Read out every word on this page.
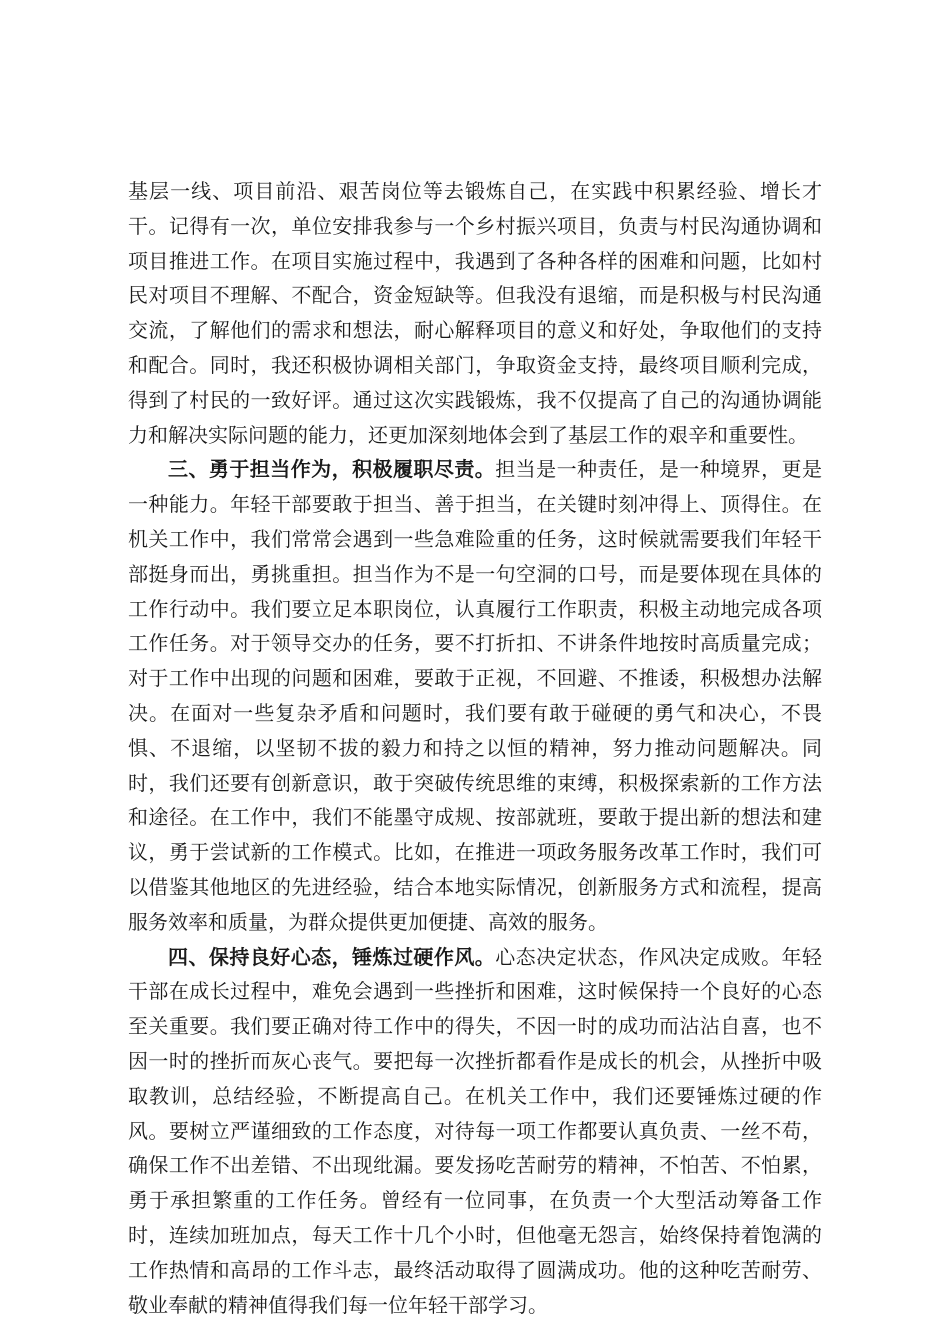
基层一线、项目前沿、艰苦岗位等去锻炼自己，在实践中积累经验、增长才干。记得有一次，单位安排我参与一个乡村振兴项目，负责与村民沟通协调和项目推进工作。在项目实施过程中，我遇到了各种各样的困难和问题，比如村民对项目不理解、不配合，资金短缺等。但我没有退缩，而是积极与村民沟通交流，了解他们的需求和想法，耐心解释项目的意义和好处，争取他们的支持和配合。同时，我还积极协调相关部门，争取资金支持，最终项目顺利完成，得到了村民的一致好评。通过这次实践锻炼，我不仅提高了自己的沟通协调能力和解决实际问题的能力，还更加深刻地体会到了基层工作的艰辛和重要性。

三、勇于担当作为，积极履职尽责。担当是一种责任，是一种境界，更是一种能力。年轻干部要敢于担当、善于担当，在关键时刻冲得上、顶得住。在机关工作中，我们常常会遇到一些急难险重的任务，这时候就需要我们年轻干部挺身而出，勇挑重担。担当作为不是一句空洞的口号，而是要体现在具体的工作行动中。我们要立足本职岗位，认真履行工作职责，积极主动地完成各项工作任务。对于领导交办的任务，要不打折扣、不讲条件地按时高质量完成；对于工作中出现的问题和困难，要敢于正视，不回避、不推诿，积极想办法解决。在面对一些复杂矛盾和问题时，我们要有敢于碰硬的勇气和决心，不畏惧、不退缩，以坚韧不拔的毅力和持之以恒的精神，努力推动问题解决。同时，我们还要有创新意识，敢于突破传统思维的束缚，积极探索新的工作方法和途径。在工作中，我们不能墨守成规、按部就班，要敢于提出新的想法和建议，勇于尝试新的工作模式。比如，在推进一项政务服务改革工作时，我们可以借鉴其他地区的先进经验，结合本地实际情况，创新服务方式和流程，提高服务效率和质量，为群众提供更加便捷、高效的服务。

四、保持良好心态，锤炼过硬作风。心态决定状态，作风决定成败。年轻干部在成长过程中，难免会遇到一些挫折和困难，这时候保持一个良好的心态至关重要。我们要正确对待工作中的得失，不因一时的成功而沾沾自喜，也不因一时的挫折而灰心丧气。要把每一次挫折都看作是成长的机会，从挫折中吸取教训，总结经验，不断提高自己。在机关工作中，我们还要锤炼过硬的作风。要树立严谨细致的工作态度，对待每一项工作都要认真负责、一丝不苟，确保工作不出差错、不出现纰漏。要发扬吃苦耐劳的精神，不怕苦、不怕累，勇于承担繁重的工作任务。曾经有一位同事，在负责一个大型活动筹备工作时，连续加班加点，每天工作十几个小时，但他毫无怨言，始终保持着饱满的工作热情和高昂的工作斗志，最终活动取得了圆满成功。他的这种吃苦耐劳、敬业奉献的精神值得我们每一位年轻干部学习。
